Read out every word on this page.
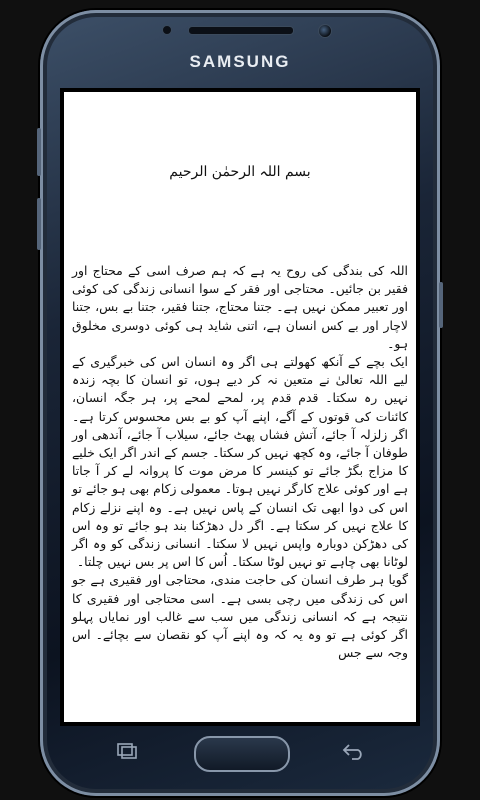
SAMSUNG
بسم اللہ الرحمٰن الرحیم

اللہ کی بندگی کی روح یہ ہے کہ ہم صرف اسی کے محتاج اور فقیر بن جائیں۔ محتاجی اور فقر کے سوا انسانی زندگی کی کوئی اور تعبیر ممکن نہیں ہے۔ جتنا محتاج، جتنا فقیر، جتنا بے بس، جتنا لاچار اور بے کس انسان ہے، اتنی شاید ہی کوئی دوسری مخلوق ہو۔

ایک بچے کے آنکھ کھولتے ہی اگر وہ انسان اس کی خبرگیری کے لیے اللہ تعالیٰ نے متعین نہ کر دیے ہوں، تو انسان کا بچہ زندہ نہیں رہ سکتا۔ قدم قدم پر، لمحے لمحے پر، ہر جگہ انسان، کائنات کی قوتوں کے آگے، اپنے آپ کو بے بس محسوس کرتا ہے۔ اگر زلزلہ آ جائے، آتش فشاں پھٹ جائے، سیلاب آ جائے، آندھی اور طوفان آ جائے، وہ کچھ نہیں کر سکتا۔ جسم کے اندر اگر ایک خلیے کا مزاج بگڑ جائے تو کینسر کا مرض موت کا پروانہ لے کر آ جاتا ہے اور کوئی علاج کارگر نہیں ہوتا۔ معمولی زکام بھی ہو جائے تو اس کی دوا ابھی تک انسان کے پاس نہیں ہے۔ وہ اپنے نزلے زکام کا علاج نہیں کر سکتا ہے۔ اگر دل دھڑکنا بند ہو جائے تو وہ اس کی دھڑکن دوبارہ واپس نہیں لا سکتا۔ انسانی زندگی کو وہ اگر لوٹانا بھی چاہے تو نہیں لوٹا سکتا۔ اُس کا اس پر بس نہیں چلتا۔

گویا ہر طرف انسان کی حاجت مندی، محتاجی اور فقیری ہے جو اس کی زندگی میں رچی بسی ہے۔ اسی محتاجی اور فقیری کا نتیجہ ہے کہ انسانی زندگی میں سب سے غالب اور نمایاں پہلو اگر کوئی ہے تو وہ یہ کہ وہ اپنے آپ کو نقصان سے بچائے۔ اس وجہ سے جس
